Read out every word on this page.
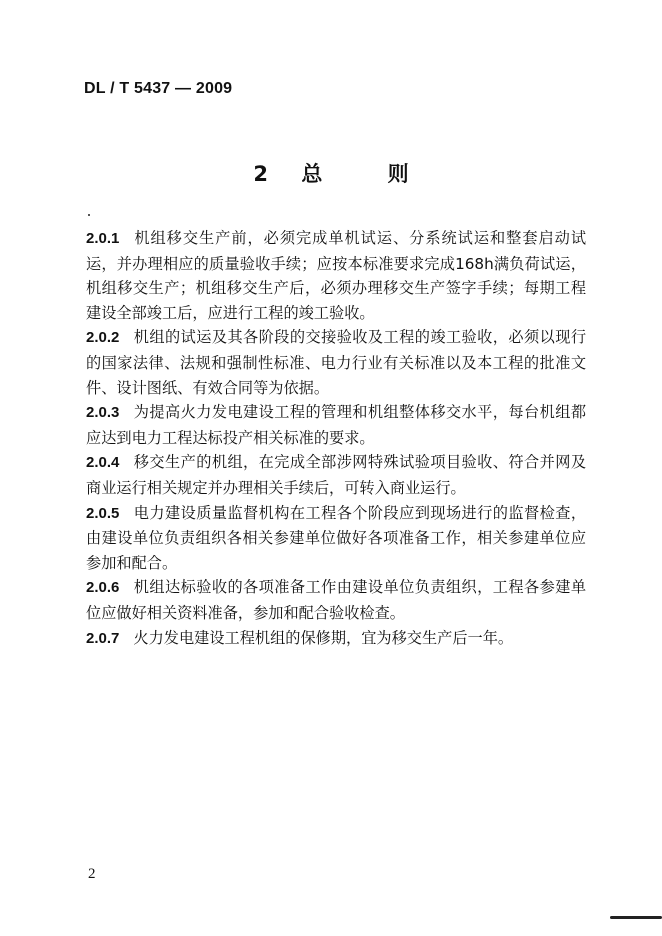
DL / T 5437 — 2009
2 总	则

2.0.1 机组移交生产前，必须完成单机试运、分系统试运和整套启动试运，并办理相应的质量验收手续；应按本标准要求完成168h满负荷试运，机组移交生产；机组移交生产后，必须办理移交生产签字手续；每期工程建设全部竣工后，应进行工程的竣工验收。

2.0.2 机组的试运及其各阶段的交接验收及工程的竣工验收，必须以现行的国家法律、法规和强制性标准、电力行业有关标准以及本工程的批准文件、设计图纸、有效合同等为依据。

2.0.3 为提高火力发电建设工程的管理和机组整体移交水平，每台机组都应达到电力工程达标投产相关标准的要求。

2.0.4 移交生产的机组，在完成全部涉网特殊试验项目验收、符合并网及商业运行相关规定并办理相关手续后，可转入商业运行。

2.0.5 电力建设质量监督机构在工程各个阶段应到现场进行的监督检查，由建设单位负责组织各相关参建单位做好各项准备工作，相关参建单位应参加和配合。

2.0.6 机组达标验收的各项准备工作由建设单位负责组织，工程各参建单位应做好相关资料准备，参加和配合验收检查。

2.0.7 火力发电建设工程机组的保修期，宜为移交生产后一年。

2
